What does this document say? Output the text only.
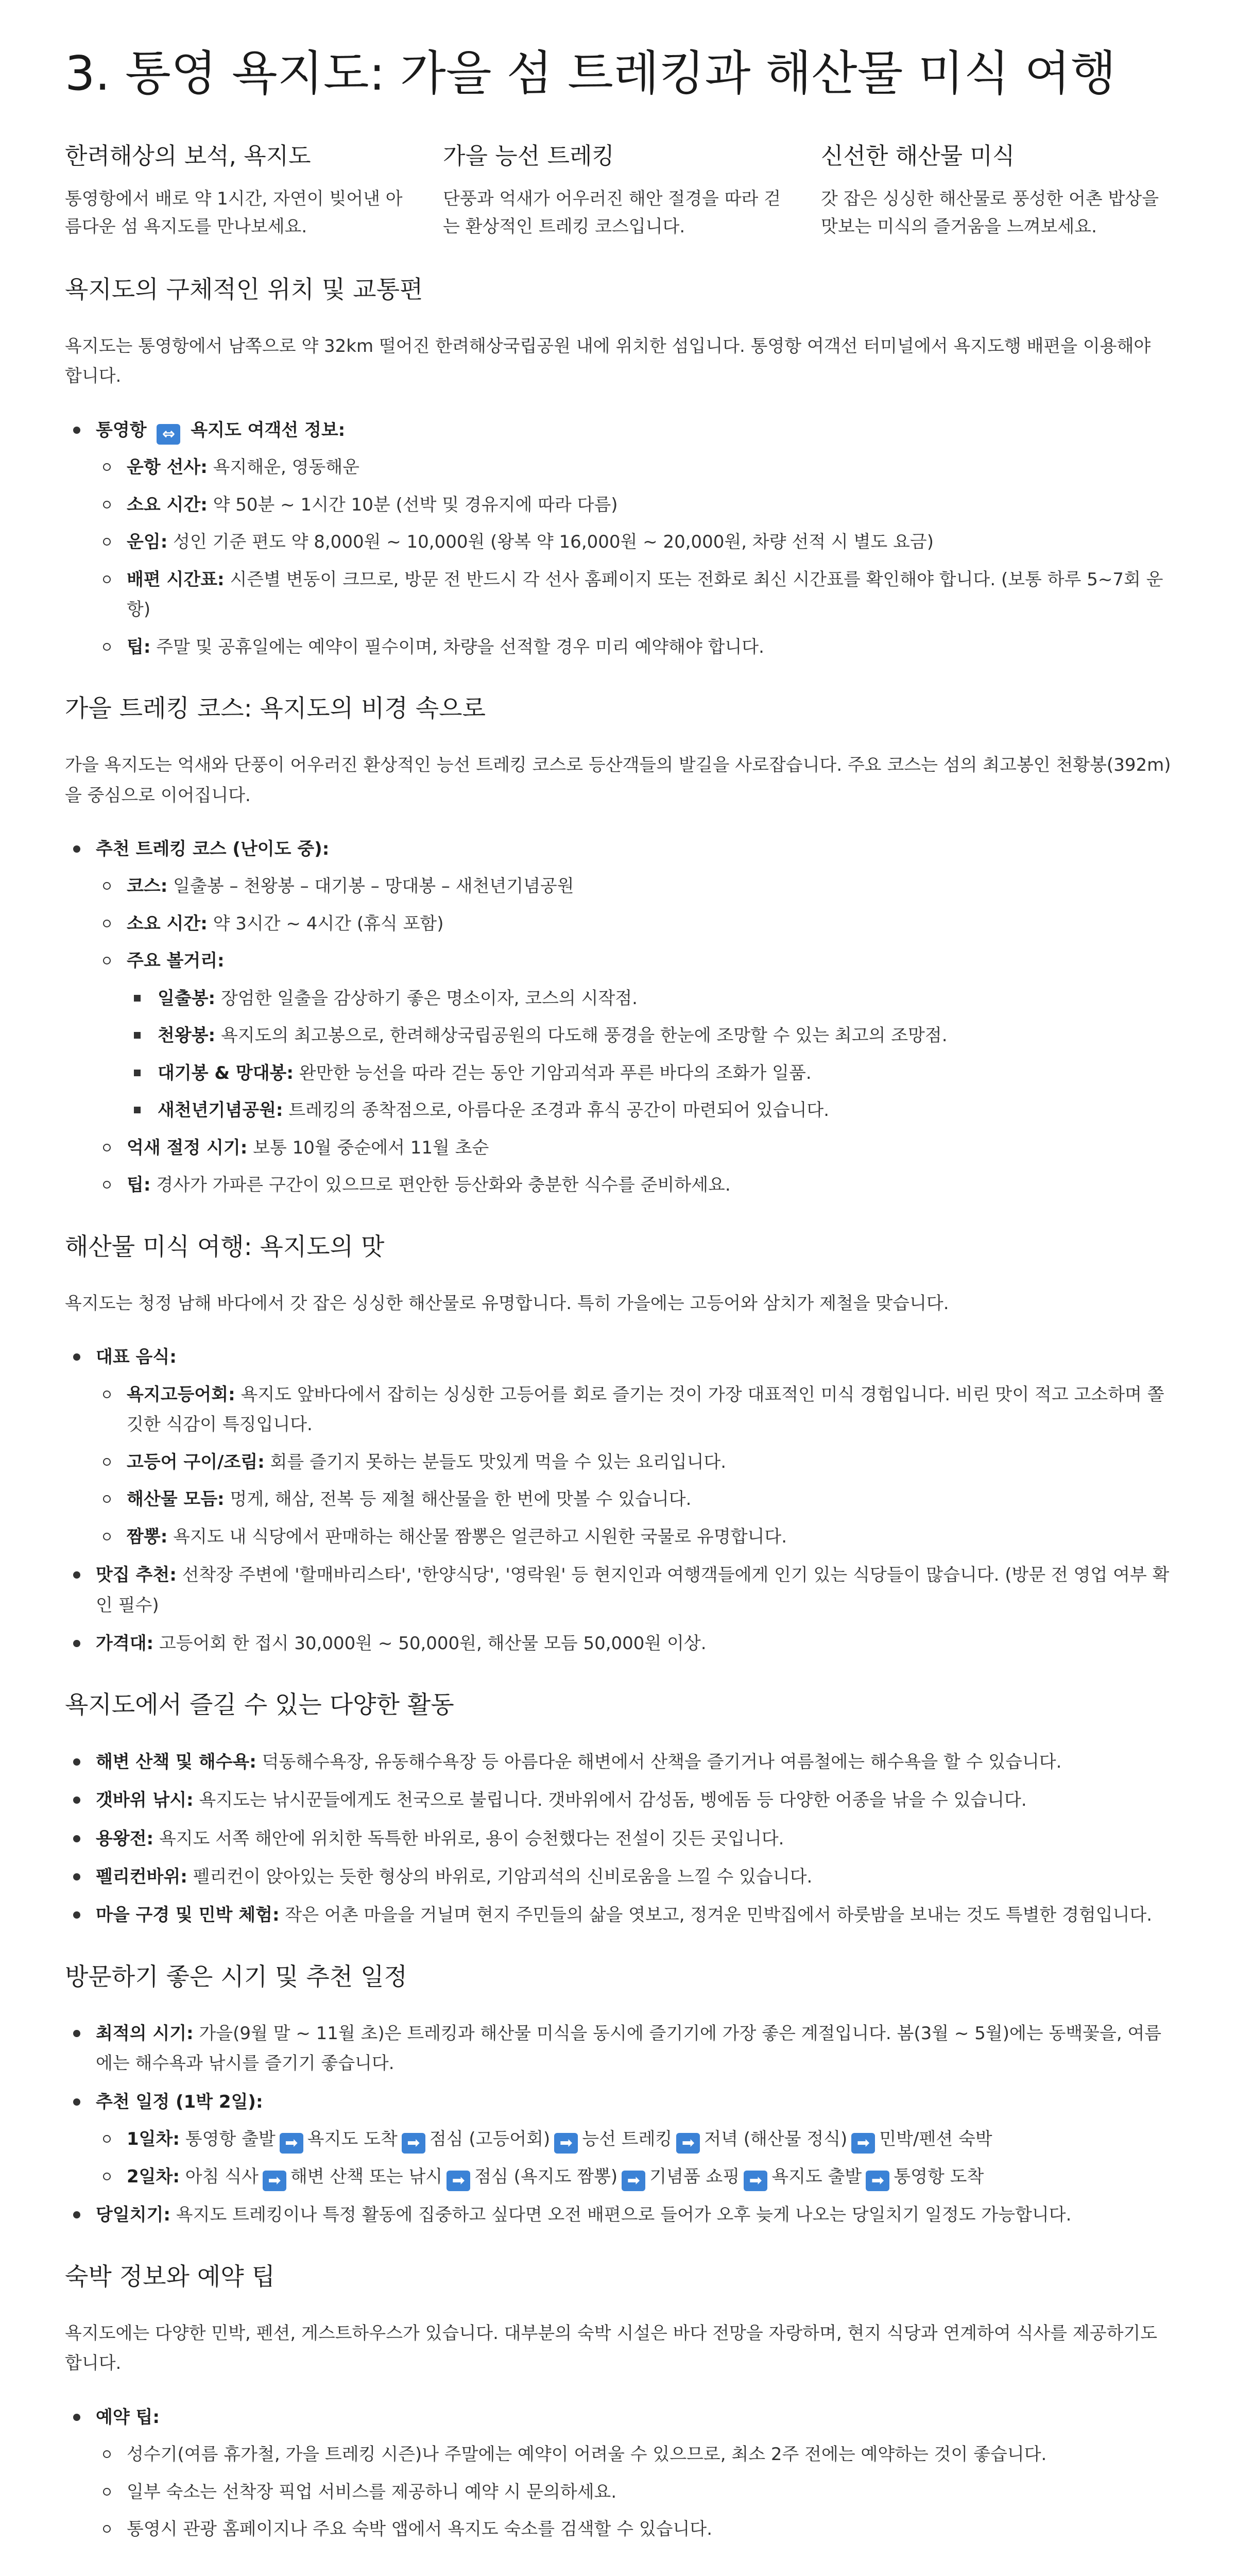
3. 통영 욕지도: 가을 섬 트레킹과 해산물 미식 여행
한려해상의 보석, 욕지도

통영항에서 배로 약 1시간, 자연이 빚어낸 아름다운 섬 욕지도를 만나보세요.

가을 능선 트레킹

단풍과 억새가 어우러진 해안 절경을 따라 걷는 환상적인 트레킹 코스입니다.

신선한 해산물 미식

갓 잡은 싱싱한 해산물로 풍성한 어촌 밥상을 맛보는 미식의 즐거움을 느껴보세요.

욕지도의 구체적인 위치 및 교통편

욕지도는 통영항에서 남쪽으로 약 32km 떨어진 한려해상국립공원 내에 위치한 섬입니다. 통영항 여객선 터미널에서 욕지도행 배편을 이용해야 합니다.

통영항 ⇔ 욕지도 여객선 정보:
운항 선사: 욕지해운, 영동해운
소요 시간: 약 50분 ~ 1시간 10분 (선박 및 경유지에 따라 다름)
운임: 성인 기준 편도 약 8,000원 ~ 10,000원 (왕복 약 16,000원 ~ 20,000원, 차량 선적 시 별도 요금)
배편 시간표: 시즌별 변동이 크므로, 방문 전 반드시 각 선사 홈페이지 또는 전화로 최신 시간표를 확인해야 합니다. (보통 하루 5~7회 운항)
팁: 주말 및 공휴일에는 예약이 필수이며, 차량을 선적할 경우 미리 예약해야 합니다.
가을 트레킹 코스: 욕지도의 비경 속으로

가을 욕지도는 억새와 단풍이 어우러진 환상적인 능선 트레킹 코스로 등산객들의 발길을 사로잡습니다. 주요 코스는 섬의 최고봉인 천황봉(392m)을 중심으로 이어집니다.

추천 트레킹 코스 (난이도 중):
코스: 일출봉 – 천왕봉 – 대기봉 – 망대봉 – 새천년기념공원
소요 시간: 약 3시간 ~ 4시간 (휴식 포함)
주요 볼거리:
일출봉: 장엄한 일출을 감상하기 좋은 명소이자, 코스의 시작점.
천왕봉: 욕지도의 최고봉으로, 한려해상국립공원의 다도해 풍경을 한눈에 조망할 수 있는 최고의 조망점.
대기봉 & 망대봉: 완만한 능선을 따라 걷는 동안 기암괴석과 푸른 바다의 조화가 일품.
새천년기념공원: 트레킹의 종착점으로, 아름다운 조경과 휴식 공간이 마련되어 있습니다.
억새 절정 시기: 보통 10월 중순에서 11월 초순
팁: 경사가 가파른 구간이 있으므로 편안한 등산화와 충분한 식수를 준비하세요.
해산물 미식 여행: 욕지도의 맛

욕지도는 청정 남해 바다에서 갓 잡은 싱싱한 해산물로 유명합니다. 특히 가을에는 고등어와 삼치가 제철을 맞습니다.

대표 음식:
욕지고등어회: 욕지도 앞바다에서 잡히는 싱싱한 고등어를 회로 즐기는 것이 가장 대표적인 미식 경험입니다. 비린 맛이 적고 고소하며 쫄깃한 식감이 특징입니다.
고등어 구이/조림: 회를 즐기지 못하는 분들도 맛있게 먹을 수 있는 요리입니다.
해산물 모듬: 멍게, 해삼, 전복 등 제철 해산물을 한 번에 맛볼 수 있습니다.
짬뽕: 욕지도 내 식당에서 판매하는 해산물 짬뽕은 얼큰하고 시원한 국물로 유명합니다.
맛집 추천: 선착장 주변에 '할매바리스타', '한양식당', '영락원' 등 현지인과 여행객들에게 인기 있는 식당들이 많습니다. (방문 전 영업 여부 확인 필수)
가격대: 고등어회 한 접시 30,000원 ~ 50,000원, 해산물 모듬 50,000원 이상.
욕지도에서 즐길 수 있는 다양한 활동
해변 산책 및 해수욕: 덕동해수욕장, 유동해수욕장 등 아름다운 해변에서 산책을 즐기거나 여름철에는 해수욕을 할 수 있습니다.
갯바위 낚시: 욕지도는 낚시꾼들에게도 천국으로 불립니다. 갯바위에서 감성돔, 벵에돔 등 다양한 어종을 낚을 수 있습니다.
용왕전: 욕지도 서쪽 해안에 위치한 독특한 바위로, 용이 승천했다는 전설이 깃든 곳입니다.
펠리컨바위: 펠리컨이 앉아있는 듯한 형상의 바위로, 기암괴석의 신비로움을 느낄 수 있습니다.
마을 구경 및 민박 체험: 작은 어촌 마을을 거닐며 현지 주민들의 삶을 엿보고, 정겨운 민박집에서 하룻밤을 보내는 것도 특별한 경험입니다.
방문하기 좋은 시기 및 추천 일정
최적의 시기: 가을(9월 말 ~ 11월 초)은 트레킹과 해산물 미식을 동시에 즐기기에 가장 좋은 계절입니다. 봄(3월 ~ 5월)에는 동백꽃을, 여름에는 해수욕과 낚시를 즐기기 좋습니다.
추천 일정 (1박 2일):
1일차: 통영항 출발 ➡ 욕지도 도착 ➡ 점심 (고등어회) ➡ 능선 트레킹 ➡ 저녁 (해산물 정식) ➡ 민박/펜션 숙박
2일차: 아침 식사 ➡ 해변 산책 또는 낚시 ➡ 점심 (욕지도 짬뽕) ➡ 기념품 쇼핑 ➡ 욕지도 출발 ➡ 통영항 도착
당일치기: 욕지도 트레킹이나 특정 활동에 집중하고 싶다면 오전 배편으로 들어가 오후 늦게 나오는 당일치기 일정도 가능합니다.
숙박 정보와 예약 팁

욕지도에는 다양한 민박, 펜션, 게스트하우스가 있습니다. 대부분의 숙박 시설은 바다 전망을 자랑하며, 현지 식당과 연계하여 식사를 제공하기도 합니다.

예약 팁:
성수기(여름 휴가철, 가을 트레킹 시즌)나 주말에는 예약이 어려울 수 있으므로, 최소 2주 전에는 예약하는 것이 좋습니다.
일부 숙소는 선착장 픽업 서비스를 제공하니 예약 시 문의하세요.
통영시 관광 홈페이지나 주요 숙박 앱에서 욕지도 숙소를 검색할 수 있습니다.
